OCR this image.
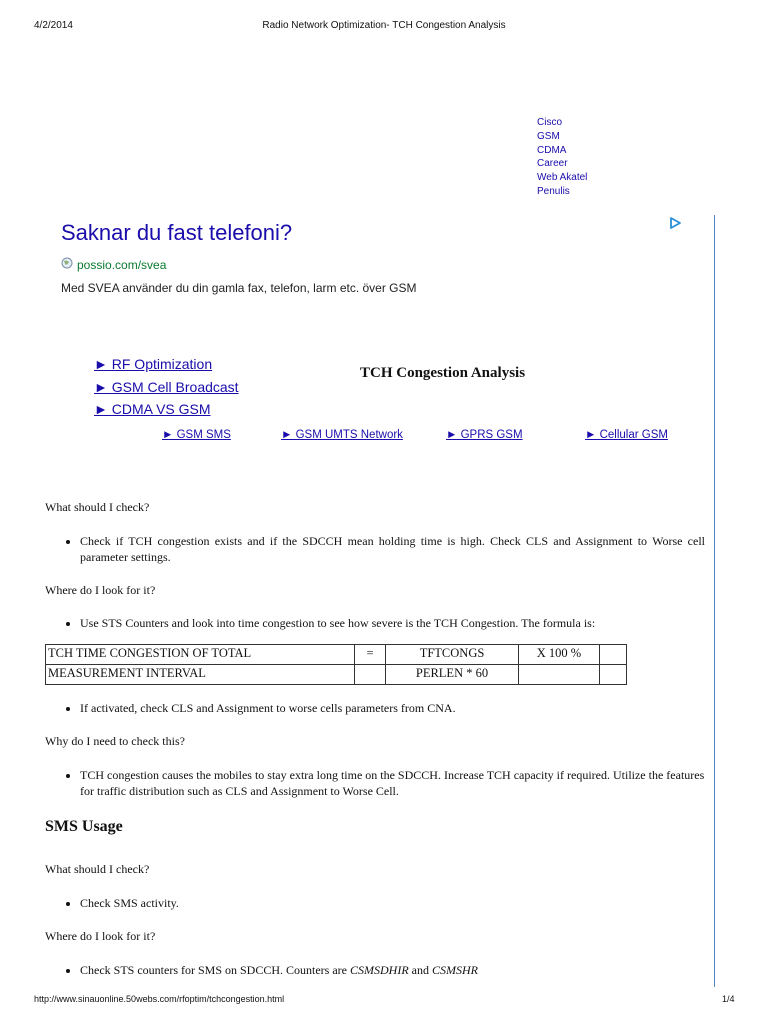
4/2/2014	Radio Network Optimization- TCH Congestion Analysis
Cisco
GSM
CDMA
Career
Web Akatel
Penulis
Saknar du fast telefoni?
possio.com/svea
Med SVEA använder du din gamla fax, telefon, larm etc. över GSM
► RF Optimization
► GSM Cell Broadcast
► CDMA VS GSM
TCH Congestion Analysis
► GSM SMS	► GSM UMTS Network	► GPRS GSM	► Cellular GSM

What should I check?

• Check if TCH congestion exists and if the SDCCH mean holding time is high. Check CLS and Assignment to Worse cell parameter settings.

Where do I look for it?

• Use STS Counters and look into time congestion to see how severe is the TCH Congestion. The formula is:
TCH TIME CONGESTION OF TOTAL	=	TFTCONGS	X 100 %	
MEASUREMENT INTERVAL		PERLEN * 60		
• If activated, check CLS and Assignment to worse cells parameters from CNA.

Why do I need to check this?

• TCH congestion causes the mobiles to stay extra long time on the SDCCH. Increase TCH capacity if required. Utilize the features for traffic distribution such as CLS and Assignment to Worse Cell.
SMS Usage

What should I check?

• Check SMS activity.

Where do I look for it?

• Check STS counters for SMS on SDCCH. Counters are CSMSDHIR and CSMSHR
http://www.sinauonline.50webs.com/rfoptim/tchcongestion.html	1/4
